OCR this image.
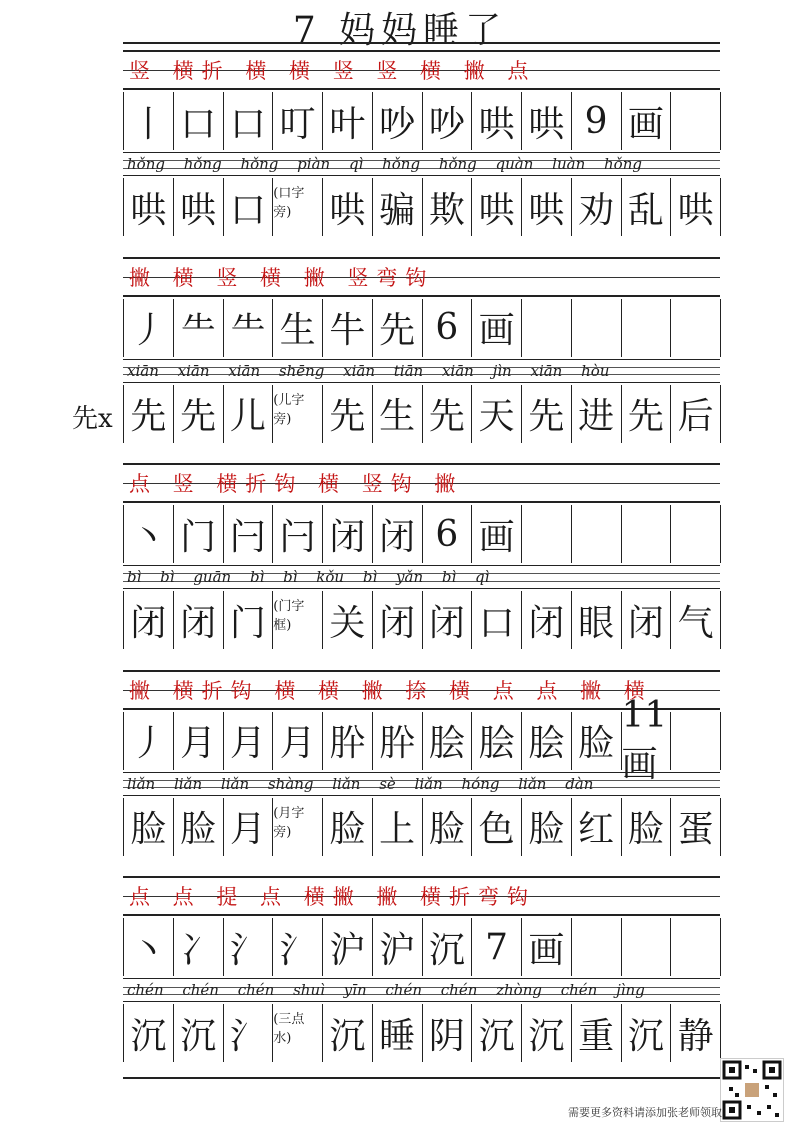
7 妈妈睡了
先x
竖 横折 横 横 竖 竖 横 撇 点
丨 口 口 叮 叶 吵 吵 哄 哄 9 画
hǒng hǒng hǒng piàn qì hǒng hǒng quàn luàn hǒng
哄 哄 口 (口字旁)	哄 骗 欺 哄 哄 劝 乱 哄
撇 横 竖 横 撇 竖弯钩
丿 ⺧ ⺧ 生 牛 先 6 画
xiān xiān xiān shēng xiān tiān xiān jìn xiān hòu
先 先 儿 (儿字旁)	先 生 先 天 先 进 先 后
点 竖 横折钩 横 竖钩 撇
丶 门 闩 闩 闭 闭 6 画
bì bì guān bì bì kǒu bì yǎn bì qì
闭 闭 门 (门字框)	关 闭 闭 口 闭 眼 闭 气
撇 横折钩 横 横 撇 捺 横 点 点 撇 横
丿 月 月 月 肸 肸 脍 脍 脍 脸
11画
liǎn liǎn liǎn shàng liǎn sè liǎn hóng liǎn dàn
脸 脸 月 (月字旁)	脸 上 脸 色 脸 红 脸 蛋
点 点 提 点 横撇 撇 横折弯钩
丶 冫 氵 氵 沪 沪 沉 7 画
chén chén chén shuì yīn chén chén zhòng chén jìng
沉 沉 氵 (三点水)	沉 睡 阴 沉 沉 重 沉 静
需要更多资料请添加张老师领取
